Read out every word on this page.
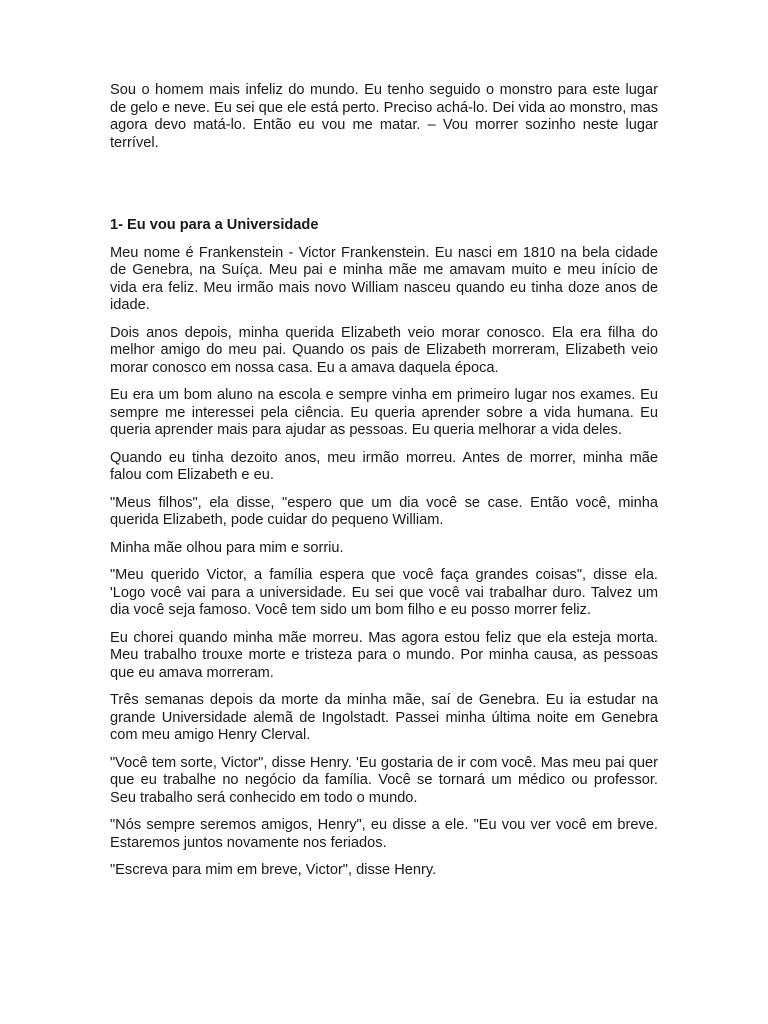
Sou o homem mais infeliz do mundo. Eu tenho seguido o monstro para este lugar de gelo e neve. Eu sei que ele está perto. Preciso achá-lo. Dei vida ao monstro, mas agora devo matá-lo. Então eu vou me matar. – Vou morrer sozinho neste lugar terrível.

1- Eu vou para a Universidade

Meu nome é Frankenstein - Victor Frankenstein. Eu nasci em 1810 na bela cidade de Genebra, na Suíça. Meu pai e minha mãe me amavam muito e meu início de vida era feliz. Meu irmão mais novo William nasceu quando eu tinha doze anos de idade.

Dois anos depois, minha querida Elizabeth veio morar conosco. Ela era filha do melhor amigo do meu pai. Quando os pais de Elizabeth morreram, Elizabeth veio morar conosco em nossa casa. Eu a amava daquela época.

Eu era um bom aluno na escola e sempre vinha em primeiro lugar nos exames. Eu sempre me interessei pela ciência. Eu queria aprender sobre a vida humana. Eu queria aprender mais para ajudar as pessoas. Eu queria melhorar a vida deles.

Quando eu tinha dezoito anos, meu irmão morreu. Antes de morrer, minha mãe falou com Elizabeth e eu.

"Meus filhos", ela disse, "espero que um dia você se case. Então você, minha querida Elizabeth, pode cuidar do pequeno William.

Minha mãe olhou para mim e sorriu.

"Meu querido Victor, a família espera que você faça grandes coisas", disse ela. 'Logo você vai para a universidade. Eu sei que você vai trabalhar duro. Talvez um dia você seja famoso. Você tem sido um bom filho e eu posso morrer feliz.

Eu chorei quando minha mãe morreu. Mas agora estou feliz que ela esteja morta. Meu trabalho trouxe morte e tristeza para o mundo. Por minha causa, as pessoas que eu amava morreram.

Três semanas depois da morte da minha mãe, saí de Genebra. Eu ia estudar na grande Universidade alemã de Ingolstadt. Passei minha última noite em Genebra com meu amigo Henry Clerval.

"Você tem sorte, Victor", disse Henry. 'Eu gostaria de ir com você. Mas meu pai quer que eu trabalhe no negócio da família. Você se tornará um médico ou professor. Seu trabalho será conhecido em todo o mundo.

"Nós sempre seremos amigos, Henry", eu disse a ele. "Eu vou ver você em breve. Estaremos juntos novamente nos feriados.

"Escreva para mim em breve, Victor", disse Henry.
